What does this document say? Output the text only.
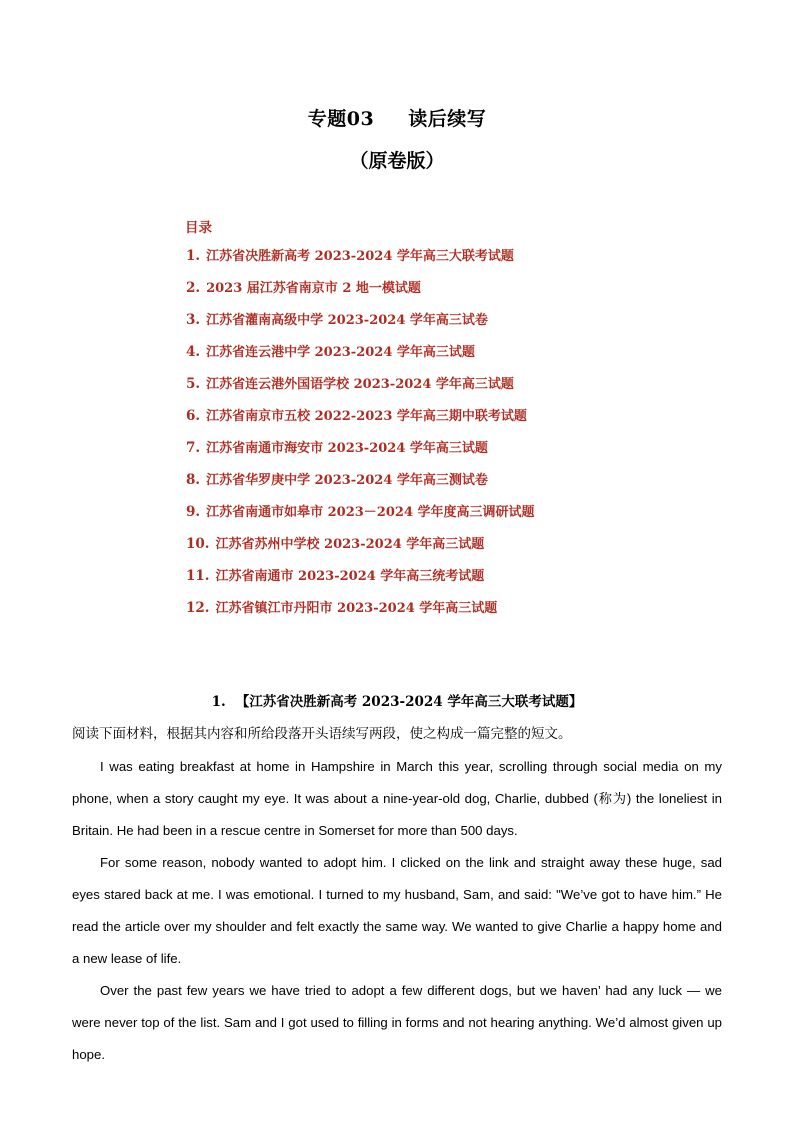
专题03 读后续写
（原卷版）
目录
1. 江苏省决胜新高考 2023-2024 学年高三大联考试题
2. 2023 届江苏省南京市 2 地一模试题
3. 江苏省灌南高级中学 2023-2024 学年高三试卷
4. 江苏省连云港中学 2023-2024 学年高三试题
5. 江苏省连云港外国语学校 2023-2024 学年高三试题
6. 江苏省南京市五校 2022-2023 学年高三期中联考试题
7. 江苏省南通市海安市 2023-2024 学年高三试题
8. 江苏省华罗庚中学 2023-2024 学年高三测试卷
9. 江苏省南通市如皋市 2023－2024 学年度高三调研试题
10. 江苏省苏州中学校 2023-2024 学年高三试题
11. 江苏省南通市 2023-2024 学年高三统考试题
12. 江苏省镇江市丹阳市 2023-2024 学年高三试题
1. 【江苏省决胜新高考 2023-2024 学年高三大联考试题】
阅读下面材料，根据其内容和所给段落开头语续写两段，使之构成一篇完整的短文。

I was eating breakfast at home in Hampshire in March this year, scrolling through social media on my phone, when a story caught my eye. It was about a nine-year-old dog, Charlie, dubbed (称为) the loneliest in Britain. He had been in a rescue centre in Somerset for more than 500 days.

For some reason, nobody wanted to adopt him. I clicked on the link and straight away these huge, sad eyes stared back at me. I was emotional. I turned to my husband, Sam, and said: "We’ve got to have him.” He read the article over my shoulder and felt exactly the same way. We wanted to give Charlie a happy home and a new lease of life.

Over the past few years we have tried to adopt a few different dogs, but we haven’ had any luck — we were never top of the list. Sam and I got used to filling in forms and not hearing anything. We’d almost given up hope.
